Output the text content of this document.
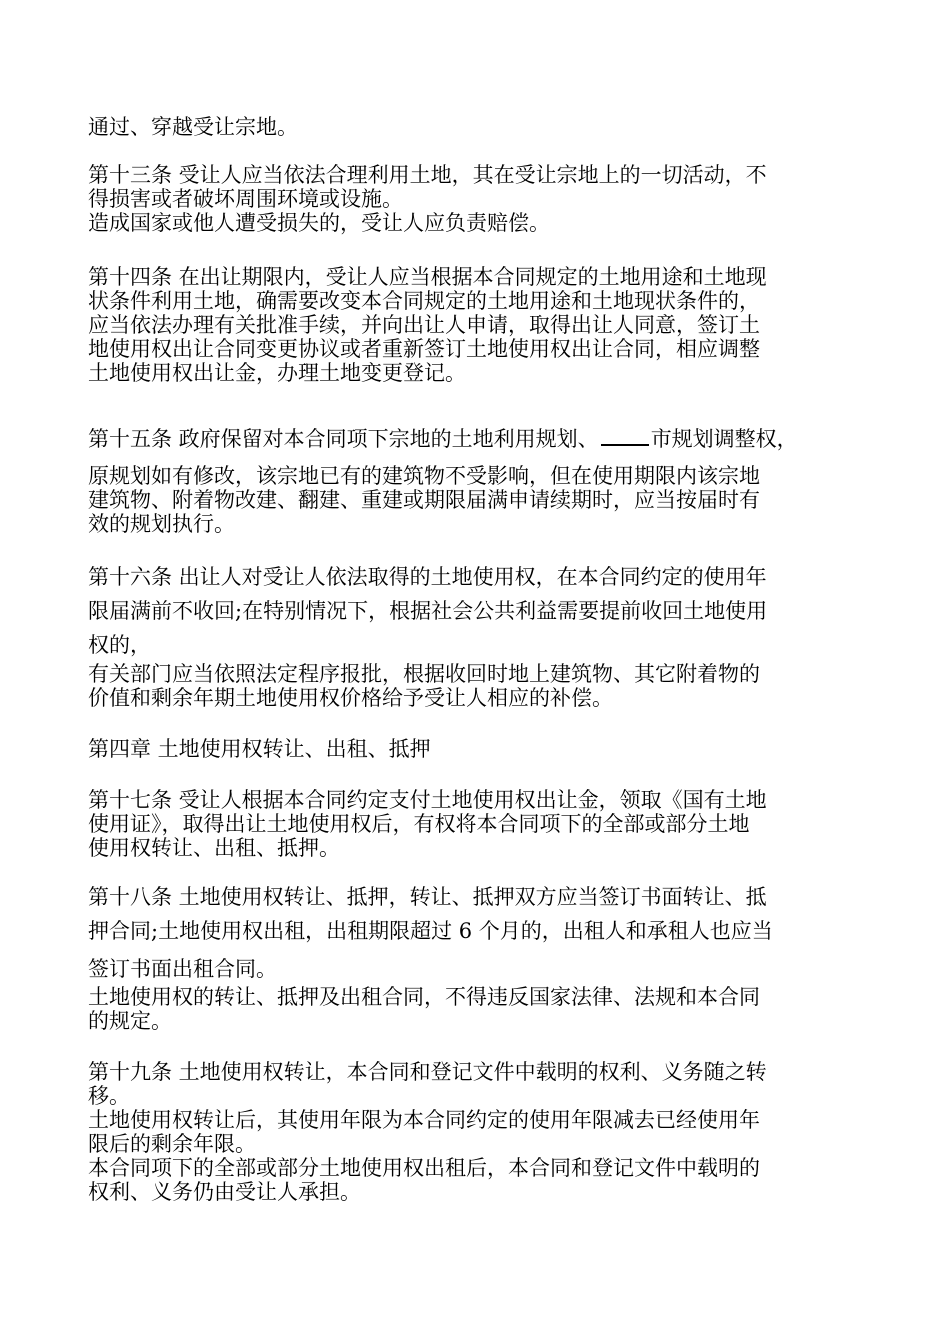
通过、穿越受让宗地。
第十三条 受让人应当依法合理利用土地，其在受让宗地上的一切活动，不
得损害或者破坏周围环境或设施。
造成国家或他人遭受损失的，受让人应负责赔偿。
第十四条 在出让期限内，受让人应当根据本合同规定的土地用途和土地现
状条件利用土地，确需要改变本合同规定的土地用途和土地现状条件的，
应当依法办理有关批准手续，并向出让人申请，取得出让人同意，签订土
地使用权出让合同变更协议或者重新签订土地使用权出让合同，相应调整
土地使用权出让金，办理土地变更登记。
第十五条 政府保留对本合同项下宗地的土地利用规划、 市规划调整权，
原规划如有修改，该宗地已有的建筑物不受影响，但在使用期限内该宗地
建筑物、附着物改建、翻建、重建或期限届满申请续期时，应当按届时有
效的规划执行。
第十六条 出让人对受让人依法取得的土地使用权，在本合同约定的使用年
限届满前不收回;在特别情况下，根据社会公共利益需要提前收回土地使用
权的，
有关部门应当依照法定程序报批，根据收回时地上建筑物、其它附着物的
价值和剩余年期土地使用权价格给予受让人相应的补偿。
第四章 土地使用权转让、出租、抵押
第十七条 受让人根据本合同约定支付土地使用权出让金，领取《国有土地
使用证》，取得出让土地使用权后，有权将本合同项下的全部或部分土地
使用权转让、出租、抵押。
第十八条 土地使用权转让、抵押，转让、抵押双方应当签订书面转让、抵
押合同;土地使用权出租，出租期限超过 6 个月的，出租人和承租人也应当
签订书面出租合同。
土地使用权的转让、抵押及出租合同，不得违反国家法律、法规和本合同
的规定。
第十九条 土地使用权转让，本合同和登记文件中载明的权利、义务随之转
移。
土地使用权转让后，其使用年限为本合同约定的使用年限减去已经使用年
限后的剩余年限。
本合同项下的全部或部分土地使用权出租后，本合同和登记文件中载明的
权利、义务仍由受让人承担。
